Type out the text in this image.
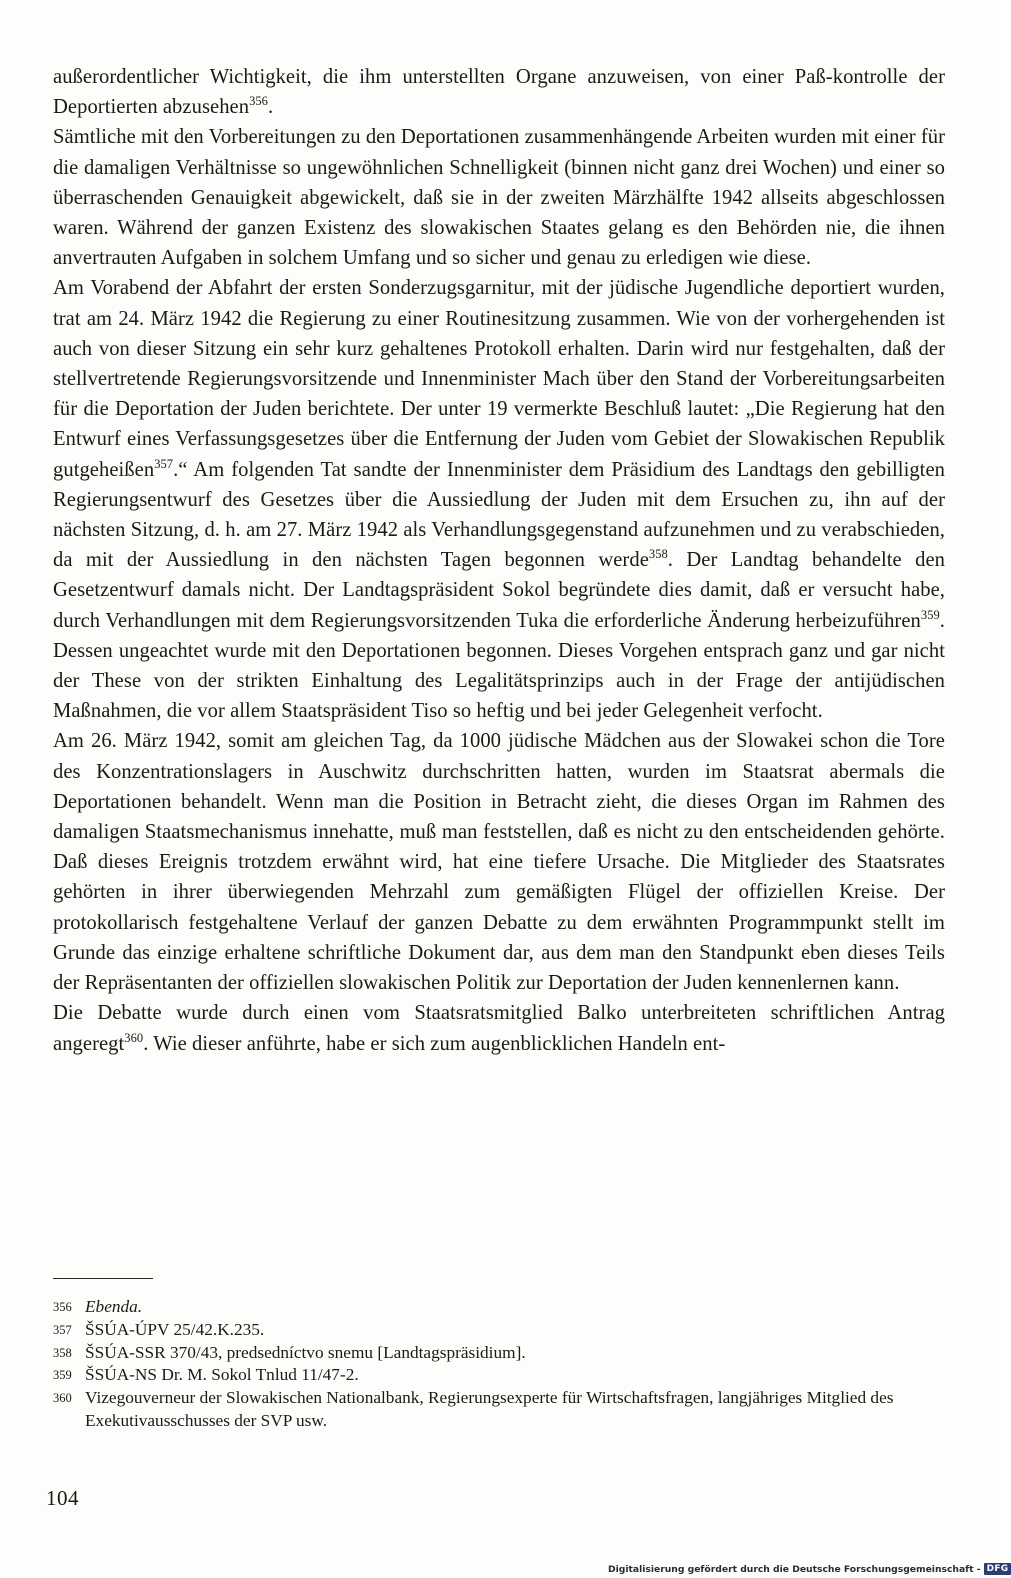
außerordentlicher Wichtigkeit, die ihm unterstellten Organe anzuweisen, von einer Paß-kontrolle der Deportierten abzusehen$^{356}$.

Sämtliche mit den Vorbereitungen zu den Deportationen zusammenhängende Arbeiten wurden mit einer für die damaligen Verhältnisse so ungewöhnlichen Schnelligkeit (binnen nicht ganz drei Wochen) und einer so überraschenden Genauigkeit abgewickelt, daß sie in der zweiten Märzhälfte 1942 allseits abgeschlossen waren. Während der ganzen Existenz des slowakischen Staates gelang es den Behörden nie, die ihnen anvertrauten Aufgaben in solchem Umfang und so sicher und genau zu erledigen wie diese.

Am Vorabend der Abfahrt der ersten Sonderzugsgarnitur, mit der jüdische Jugendliche deportiert wurden, trat am 24. März 1942 die Regierung zu einer Routinesitzung zusammen. Wie von der vorhergehenden ist auch von dieser Sitzung ein sehr kurz gehaltenes Protokoll erhalten. Darin wird nur festgehalten, daß der stellvertretende Regierungsvorsitzende und Innenminister Mach über den Stand der Vorbereitungsarbeiten für die Deportation der Juden berichtete. Der unter 19 vermerkte Beschluß lautet: „Die Regierung hat den Entwurf eines Verfassungsgesetzes über die Entfernung der Juden vom Gebiet der Slowakischen Republik gutgeheißen$^{357}$.“ Am folgenden Tat sandte der Innenminister dem Präsidium des Landtags den gebilligten Regierungsentwurf des Gesetzes über die Aussiedlung der Juden mit dem Ersuchen zu, ihn auf der nächsten Sitzung, d. h. am 27. März 1942 als Verhandlungsgegenstand aufzunehmen und zu verabschieden, da mit der Aussiedlung in den nächsten Tagen begonnen werde$^{358}$. Der Landtag behandelte den Gesetzentwurf damals nicht. Der Landtagspräsident Sokol begründete dies damit, daß er versucht habe, durch Verhandlungen mit dem Regierungsvorsitzenden Tuka die erforderliche Änderung herbeizuführen$^{359}$. Dessen ungeachtet wurde mit den Deportationen begonnen. Dieses Vorgehen entsprach ganz und gar nicht der These von der strikten Einhaltung des Legalitätsprinzips auch in der Frage der antijüdischen Maßnahmen, die vor allem Staatspräsident Tiso so heftig und bei jeder Gelegenheit verfocht.

Am 26. März 1942, somit am gleichen Tag, da 1000 jüdische Mädchen aus der Slowakei schon die Tore des Konzentrationslagers in Auschwitz durchschritten hatten, wurden im Staatsrat abermals die Deportationen behandelt. Wenn man die Position in Betracht zieht, die dieses Organ im Rahmen des damaligen Staatsmechanismus innehatte, muß man feststellen, daß es nicht zu den entscheidenden gehörte. Daß dieses Ereignis trotzdem erwähnt wird, hat eine tiefere Ursache. Die Mitglieder des Staatsrates gehörten in ihrer überwiegenden Mehrzahl zum gemäßigten Flügel der offiziellen Kreise. Der protokollarisch festgehaltene Verlauf der ganzen Debatte zu dem erwähnten Programmpunkt stellt im Grunde das einzige erhaltene schriftliche Dokument dar, aus dem man den Standpunkt eben dieses Teils der Repräsentanten der offiziellen slowakischen Politik zur Deportation der Juden kennenlernen kann.

Die Debatte wurde durch einen vom Staatsratsmitglied Balko unterbreiteten schriftlichen Antrag angeregt$^{360}$. Wie dieser anführte, habe er sich zum augenblicklichen Handeln ent-

356 Ebenda.
357 ŠSÚA-ÚPV 25/42.K.235.
358 ŠSÚA-SSR 370/43, predsedníctvo snemu [Landtagspräsidium].
359 ŠSÚA-NS Dr. M. Sokol Tnlud 11/47-2.
360 Vizegouverneur der Slowakischen Nationalbank, Regierungsexperte für Wirtschaftsfragen, langjähriges Mitglied des Exekutivausschusses der SVP usw.
104
Digitalisierung gefördert durch die Deutsche Forschungsgemeinschaft - DFG
